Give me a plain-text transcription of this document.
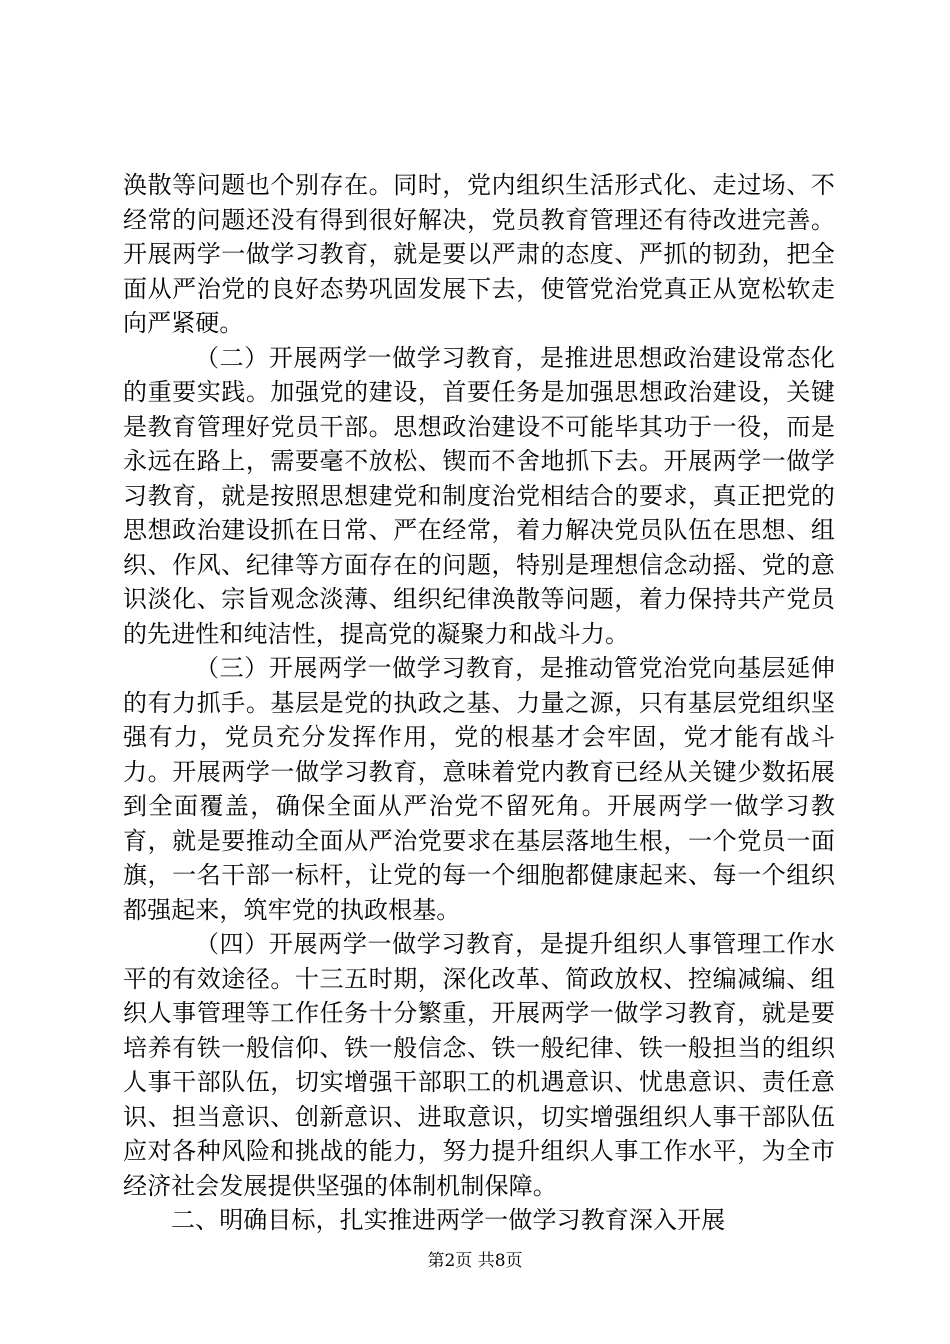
涣散等问题也个别存在。同时，党内组织生活形式化、走过场、不经常的问题还没有得到很好解决，党员教育管理还有待改进完善。开展两学一做学习教育，就是要以严肃的态度、严抓的韧劲，把全面从严治党的良好态势巩固发展下去，使管党治党真正从宽松软走向严紧硬。

（二）开展两学一做学习教育，是推进思想政治建设常态化的重要实践。加强党的建设，首要任务是加强思想政治建设，关键是教育管理好党员干部。思想政治建设不可能毕其功于一役，而是永远在路上，需要毫不放松、锲而不舍地抓下去。开展两学一做学习教育，就是按照思想建党和制度治党相结合的要求，真正把党的思想政治建设抓在日常、严在经常，着力解决党员队伍在思想、组织、作风、纪律等方面存在的问题，特别是理想信念动摇、党的意识淡化、宗旨观念淡薄、组织纪律涣散等问题，着力保持共产党员的先进性和纯洁性，提高党的凝聚力和战斗力。

（三）开展两学一做学习教育，是推动管党治党向基层延伸的有力抓手。基层是党的执政之基、力量之源，只有基层党组织坚强有力，党员充分发挥作用，党的根基才会牢固，党才能有战斗力。开展两学一做学习教育，意味着党内教育已经从关键少数拓展到全面覆盖，确保全面从严治党不留死角。开展两学一做学习教育，就是要推动全面从严治党要求在基层落地生根，一个党员一面旗，一名干部一标杆，让党的每一个细胞都健康起来、每一个组织都强起来，筑牢党的执政根基。

（四）开展两学一做学习教育，是提升组织人事管理工作水平的有效途径。十三五时期，深化改革、简政放权、控编减编、组织人事管理等工作任务十分繁重，开展两学一做学习教育，就是要培养有铁一般信仰、铁一般信念、铁一般纪律、铁一般担当的组织人事干部队伍，切实增强干部职工的机遇意识、忧患意识、责任意识、担当意识、创新意识、进取意识，切实增强组织人事干部队伍应对各种风险和挑战的能力，努力提升组织人事工作水平，为全市经济社会发展提供坚强的体制机制保障。

二、明确目标，扎实推进两学一做学习教育深入开展

第2页 共8页
